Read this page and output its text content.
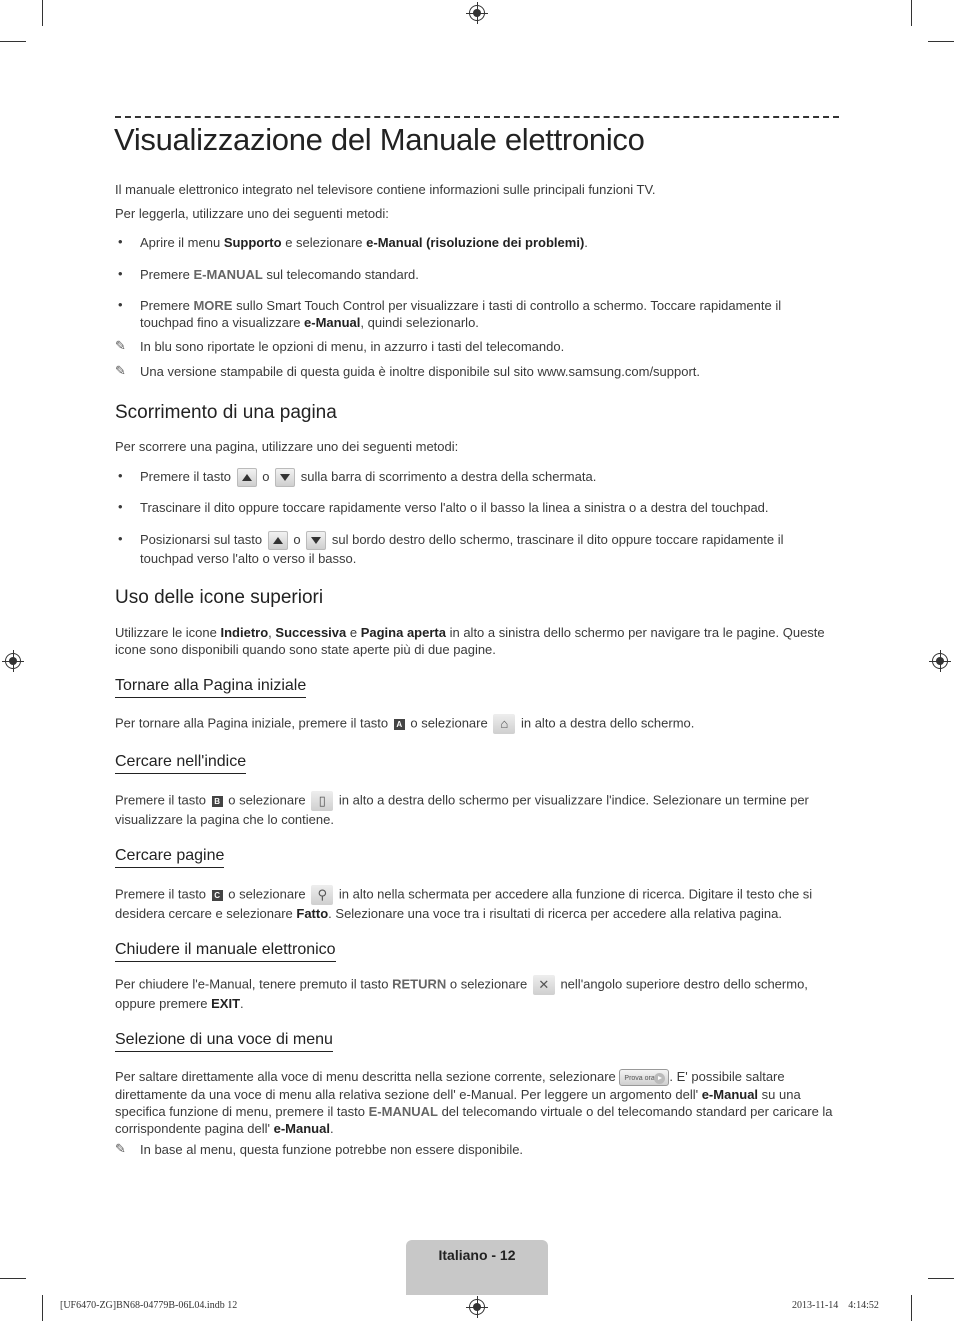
Visualizzazione del Manuale elettronico

Il manuale elettronico integrato nel televisore contiene informazioni sulle principali funzioni TV.

Per leggerla, utilizzare uno dei seguenti metodi:

• Aprire il menu Supporto e selezionare e-Manual (risoluzione dei problemi).

• Premere E-MANUAL sul telecomando standard.

• Premere MORE sullo Smart Touch Control per visualizzare i tasti di controllo a schermo. Toccare rapidamente il touchpad fino a visualizzare e-Manual, quindi selezionarlo.

✎ In blu sono riportate le opzioni di menu, in azzurro i tasti del telecomando.

✎ Una versione stampabile di questa guida è inoltre disponibile sul sito www.samsung.com/support.

Scorrimento di una pagina

Per scorrere una pagina, utilizzare uno dei seguenti metodi:

• Premere il tasto o sulla barra di scorrimento a destra della schermata.

• Trascinare il dito oppure toccare rapidamente verso l'alto o il basso la linea a sinistra o a destra del touchpad.

• Posizionarsi sul tasto o sul bordo destro dello schermo, trascinare il dito oppure toccare rapidamente il touchpad verso l'alto o verso il basso.

Uso delle icone superiori

Utilizzare le icone Indietro, Successiva e Pagina aperta in alto a sinistra dello schermo per navigare tra le pagine. Queste icone sono disponibili quando sono state aperte più di due pagine.

Tornare alla Pagina iniziale

Per tornare alla Pagina iniziale, premere il tasto A o selezionare ⌂ in alto a destra dello schermo.

Cercare nell'indice

Premere il tasto B o selezionare ▯ in alto a destra dello schermo per visualizzare l'indice. Selezionare un termine per visualizzare la pagina che lo contiene.

Cercare pagine

Premere il tasto C o selezionare ⚲ in alto nella schermata per accedere alla funzione di ricerca. Digitare il testo che si desidera cercare e selezionare Fatto. Selezionare una voce tra i risultati di ricerca per accedere alla relativa pagina.

Chiudere il manuale elettronico

Per chiudere l'e-Manual, tenere premuto il tasto RETURN o selezionare ✕ nell'angolo superiore destro dello schermo, oppure premere EXIT.

Selezione di una voce di menu

Per saltare direttamente alla voce di menu descritta nella sezione corrente, selezionare Prova ora . E' possibile saltare direttamente da una voce di menu alla relativa sezione dell' e-Manual. Per leggere un argomento dell' e-Manual su una specifica funzione di menu, premere il tasto E-MANUAL del telecomando virtuale o del telecomando standard per caricare la corrispondente pagina dell' e-Manual.

✎ In base al menu, questa funzione potrebbe non essere disponibile.

Italiano - 12
[UF6470-ZG]BN68-04779B-06L04.indb 12	2013-11-14   4:14:52
